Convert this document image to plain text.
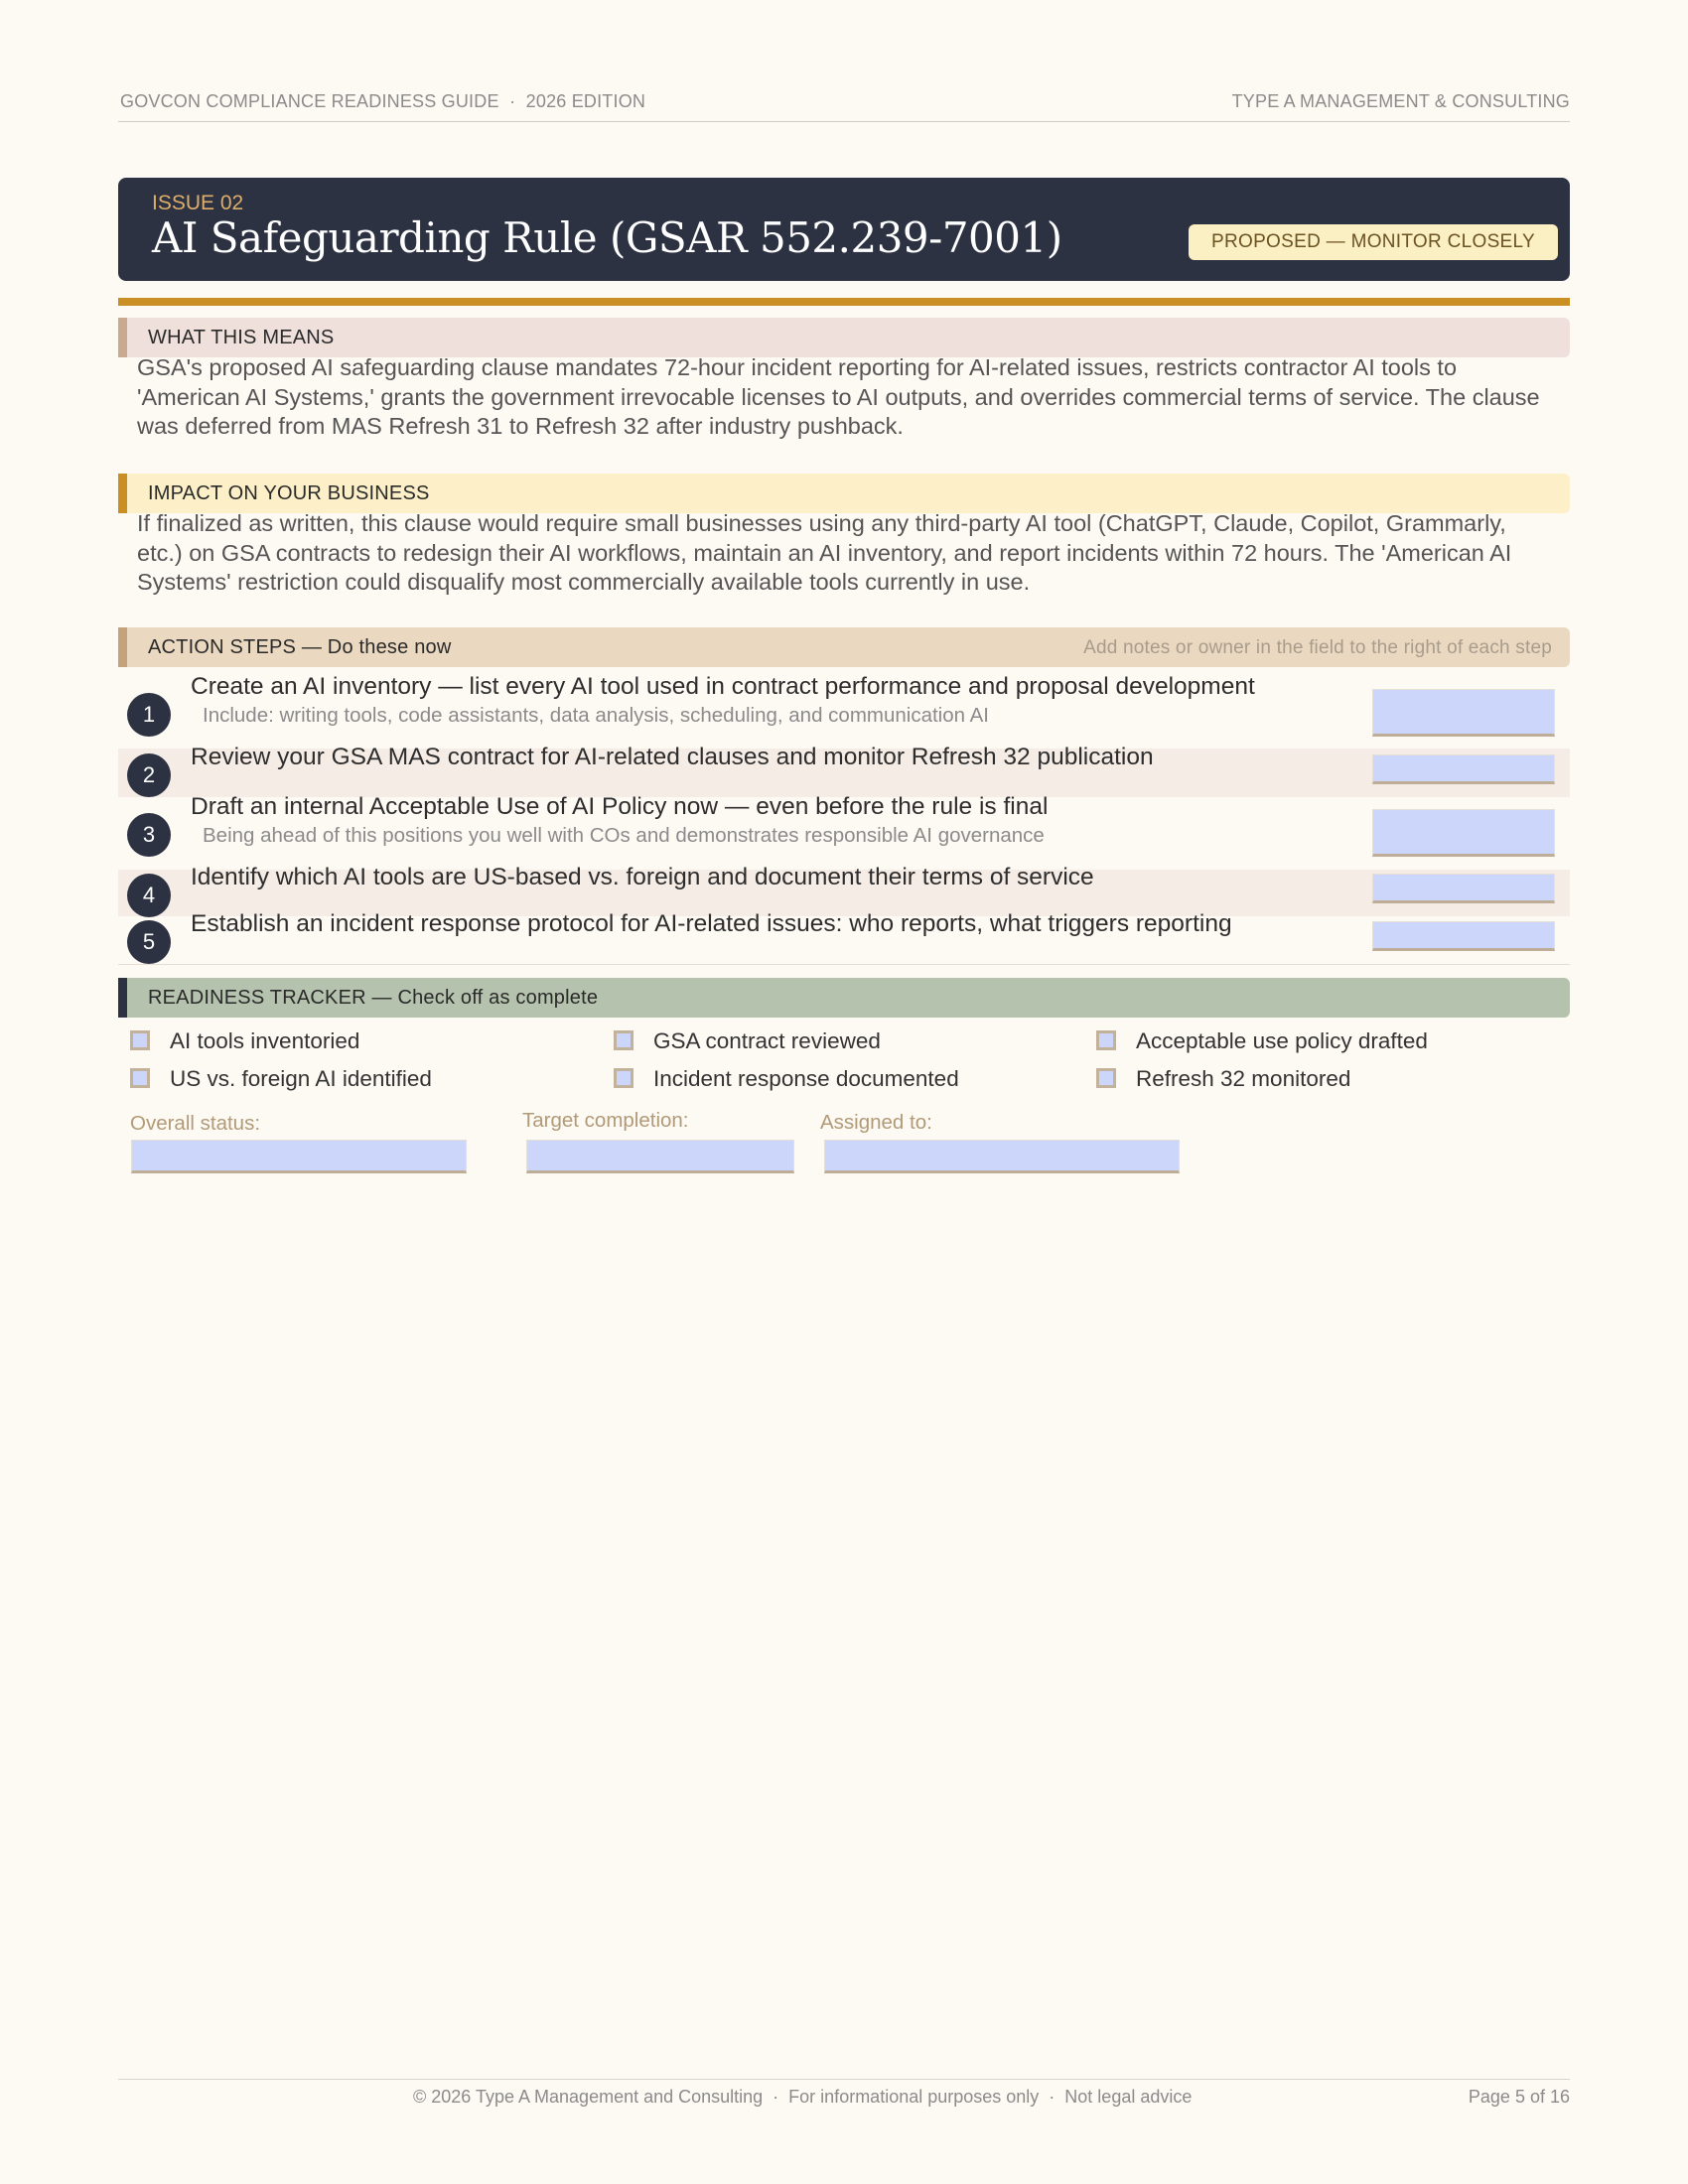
GOVCON COMPLIANCE READINESS GUIDE  ·  2026 EDITION	TYPE A MANAGEMENT & CONSULTING
ISSUE 02
AI Safeguarding Rule (GSAR 552.239-7001)	PROPOSED — MONITOR CLOSELY
WHAT THIS MEANS

GSA's proposed AI safeguarding clause mandates 72-hour incident reporting for AI-related issues, restricts contractor AI tools to 'American AI Systems,' grants the government irrevocable licenses to AI outputs, and overrides commercial terms of service. The clause was deferred from MAS Refresh 31 to Refresh 32 after industry pushback.

IMPACT ON YOUR BUSINESS

If finalized as written, this clause would require small businesses using any third-party AI tool (ChatGPT, Claude, Copilot, Grammarly, etc.) on GSA contracts to redesign their AI workflows, maintain an AI inventory, and report incidents within 72 hours. The 'American AI Systems' restriction could disqualify most commercially available tools currently in use.

ACTION STEPS — Do these now	Add notes or owner in the field to the right of each step
1
Create an AI inventory — list every AI tool used in contract performance and proposal development
Include: writing tools, code assistants, data analysis, scheduling, and communication AI
2
Review your GSA MAS contract for AI-related clauses and monitor Refresh 32 publication
3
Draft an internal Acceptable Use of AI Policy now — even before the rule is final
Being ahead of this positions you well with COs and demonstrates responsible AI governance
4
Identify which AI tools are US-based vs. foreign and document their terms of service
5
Establish an incident response protocol for AI-related issues: who reports, what triggers reporting
READINESS TRACKER — Check off as complete
AI tools inventoried	GSA contract reviewed	Acceptable use policy drafted
US vs. foreign AI identified	Incident response documented	Refresh 32 monitored
Overall status:	Target completion:	Assigned to:
© 2026 Type A Management and Consulting  ·  For informational purposes only  ·  Not legal advice	Page 5 of 16
